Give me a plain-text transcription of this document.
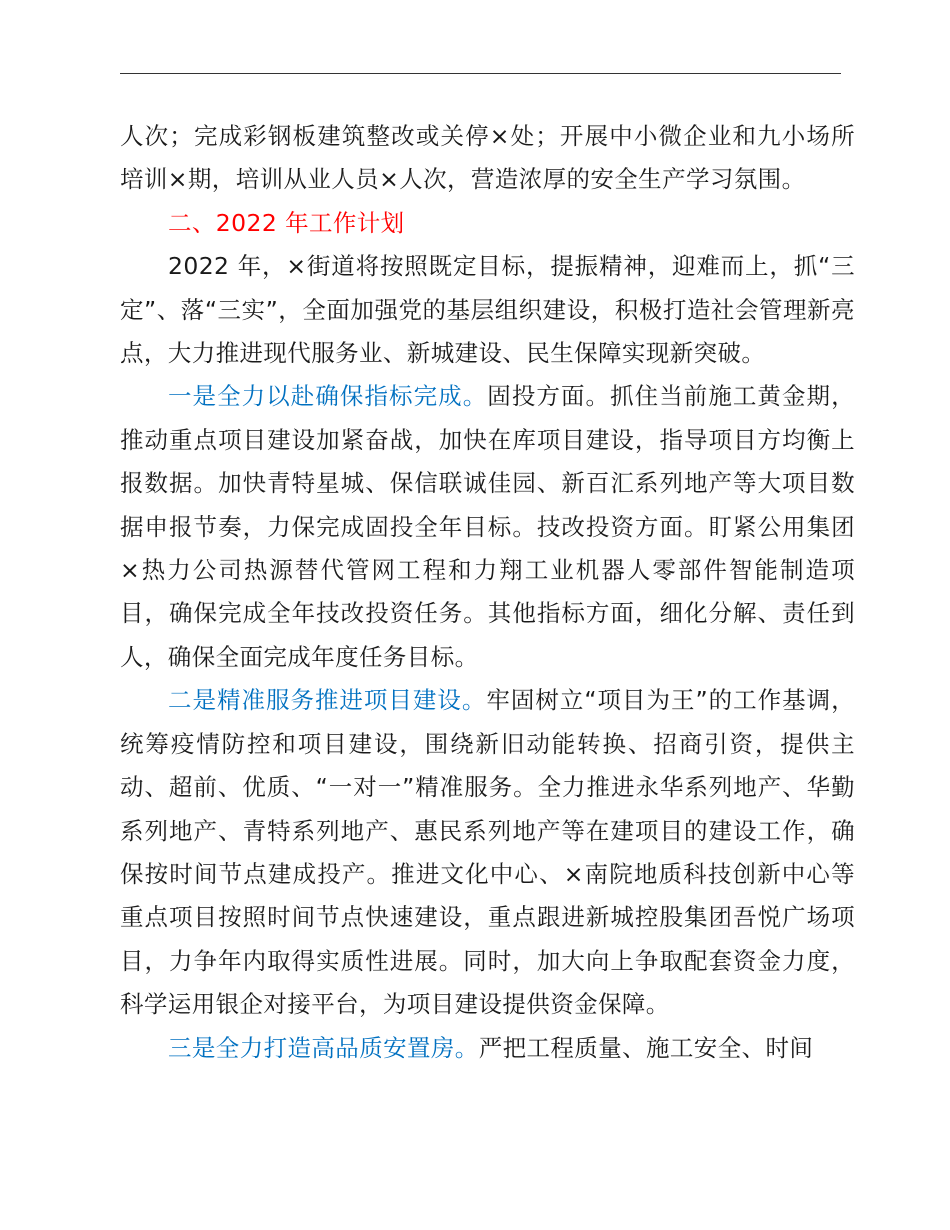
人次；完成彩钢板建筑整改或关停×处；开展中小微企业和九小场所培训×期，培训从业人员×人次，营造浓厚的安全生产学习氛围。

二、2022 年工作计划

2022 年，×街道将按照既定目标，提振精神，迎难而上，抓“三定”、落“三实”，全面加强党的基层组织建设，积极打造社会管理新亮点，大力推进现代服务业、新城建设、民生保障实现新突破。

一是全力以赴确保指标完成。固投方面。抓住当前施工黄金期，推动重点项目建设加紧奋战，加快在库项目建设，指导项目方均衡上报数据。加快青特星城、保信联诚佳园、新百汇系列地产等大项目数据申报节奏，力保完成固投全年目标。技改投资方面。盯紧公用集团×热力公司热源替代管网工程和力翔工业机器人零部件智能制造项目，确保完成全年技改投资任务。其他指标方面，细化分解、责任到人，确保全面完成年度任务目标。

二是精准服务推进项目建设。牢固树立“项目为王”的工作基调，统筹疫情防控和项目建设，围绕新旧动能转换、招商引资，提供主动、超前、优质、“一对一”精准服务。全力推进永华系列地产、华勤系列地产、青特系列地产、惠民系列地产等在建项目的建设工作，确保按时间节点建成投产。推进文化中心、×南院地质科技创新中心等重点项目按照时间节点快速建设，重点跟进新城控股集团吾悦广场项目，力争年内取得实质性进展。同时，加大向上争取配套资金力度，科学运用银企对接平台，为项目建设提供资金保障。

三是全力打造高品质安置房。严把工程质量、施工安全、时间
